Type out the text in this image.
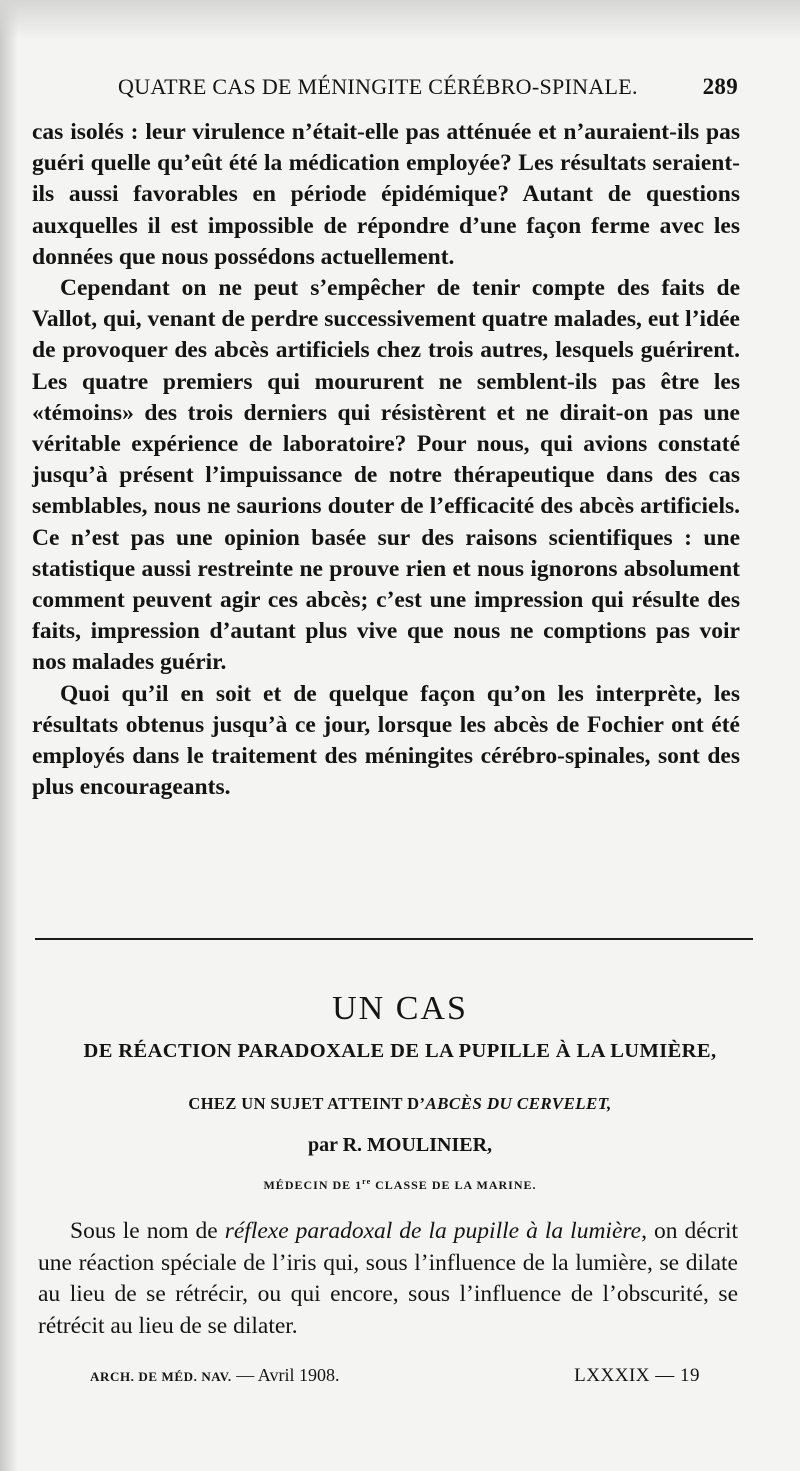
QUATRE CAS DE MÉNINGITE CÉRÉBRO-SPINALE.	289

cas isolés : leur virulence n’était-elle pas atténuée et n’auraient-ils pas guéri quelle qu’eût été la médication employée? Les résultats seraient-ils aussi favorables en période épidémique? Autant de questions auxquelles il est impossible de répondre d’une façon ferme avec les données que nous possédons actuellement.

Cependant on ne peut s’empêcher de tenir compte des faits de Vallot, qui, venant de perdre successivement quatre malades, eut l’idée de provoquer des abcès artificiels chez trois autres, lesquels guérirent. Les quatre premiers qui moururent ne semblent-ils pas être les «témoins» des trois derniers qui résistèrent et ne dirait-on pas une véritable expérience de laboratoire? Pour nous, qui avions constaté jusqu’à présent l’impuissance de notre thérapeutique dans des cas semblables, nous ne saurions douter de l’efficacité des abcès artificiels. Ce n’est pas une opinion basée sur des raisons scientifiques : une statistique aussi restreinte ne prouve rien et nous ignorons absolument comment peuvent agir ces abcès; c’est une impression qui résulte des faits, impression d’autant plus vive que nous ne comptions pas voir nos malades guérir.

Quoi qu’il en soit et de quelque façon qu’on les interprète, les résultats obtenus jusqu’à ce jour, lorsque les abcès de Fochier ont été employés dans le traitement des méningites cérébro-spinales, sont des plus encourageants.

UN CAS
DE RÉACTION PARADOXALE DE LA PUPILLE À LA LUMIÈRE,
CHEZ UN SUJET ATTEINT D’ABCÈS DU CERVELET,
par R. MOULINIER,
MÉDECIN DE 1re CLASSE DE LA MARINE.

Sous le nom de réflexe paradoxal de la pupille à la lumière, on décrit une réaction spéciale de l’iris qui, sous l’influence de la lumière, se dilate au lieu de se rétrécir, ou qui encore, sous l’influence de l’obscurité, se rétrécit au lieu de se dilater.

ARCH. DE MÉD. NAV. — Avril 1908.	LXXXIX — 19
